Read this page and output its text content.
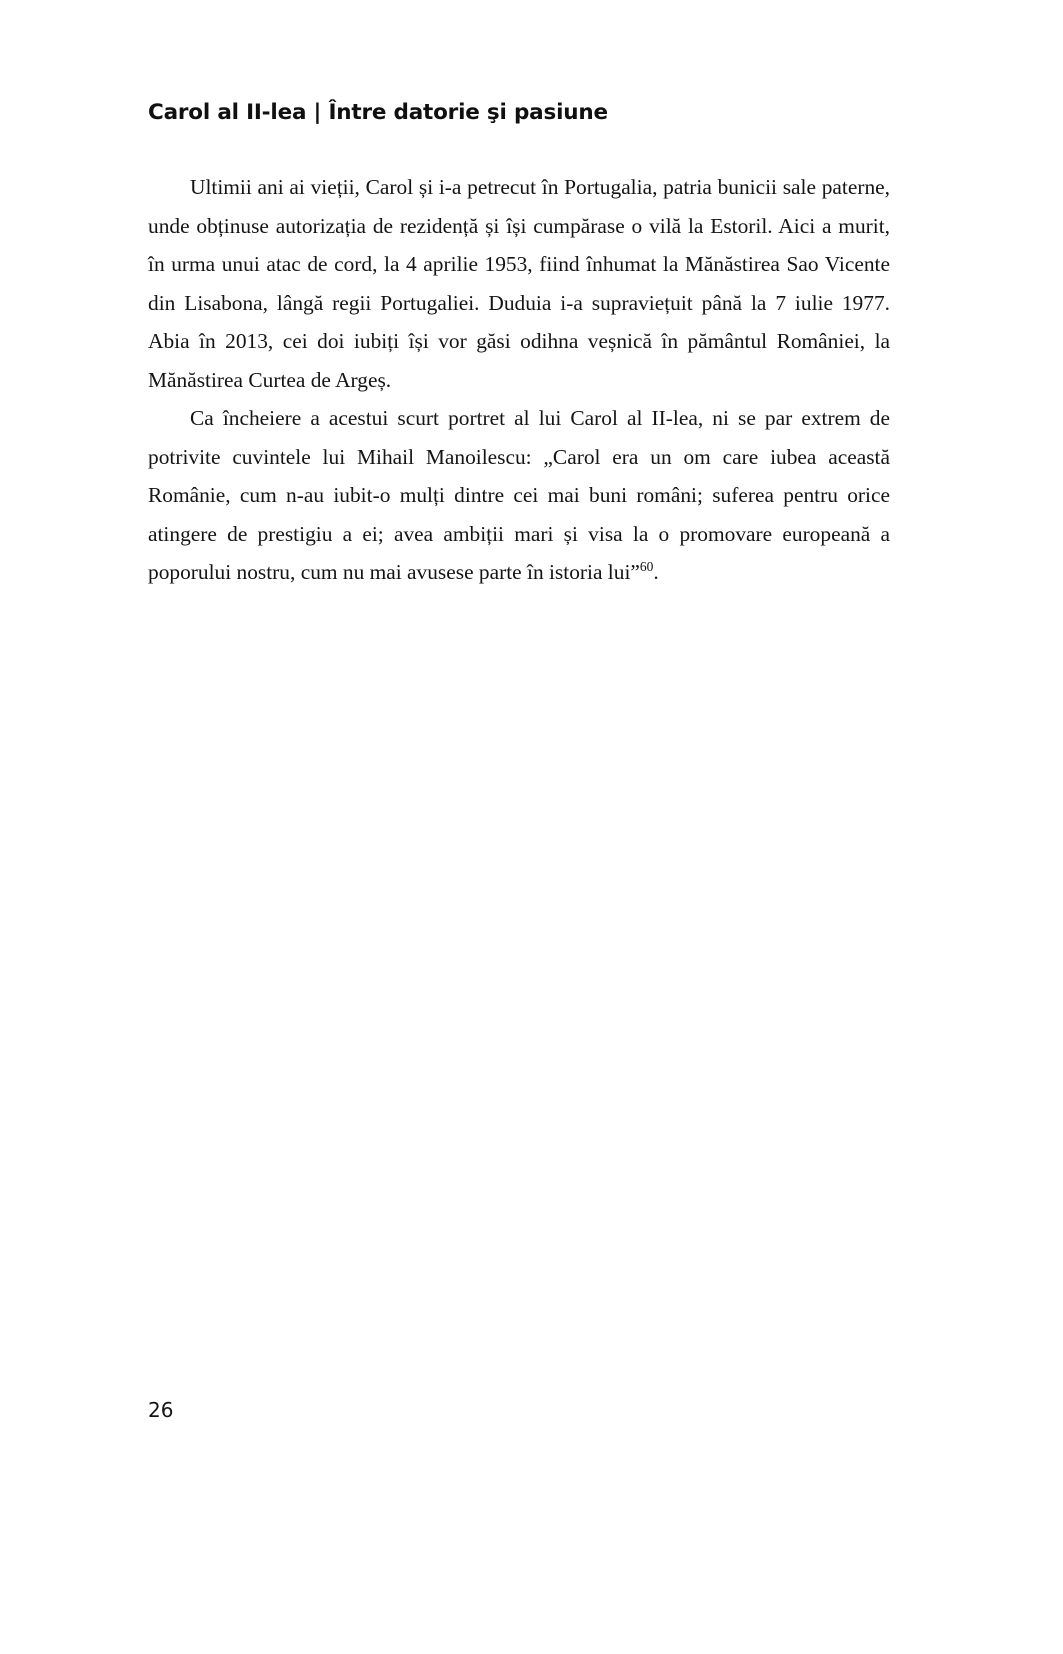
Carol al II-lea | Între datorie şi pasiune

Ultimii ani ai vieții, Carol și i-a petrecut în Portugalia, patria bunicii sale paterne, unde obținuse autorizația de rezidență și își cumpărase o vilă la Estoril. Aici a murit, în urma unui atac de cord, la 4 aprilie 1953, fiind înhumat la Mănăstirea Sao Vicente din Lisabona, lângă regii Portugaliei. Duduia i-a supraviețuit până la 7 iulie 1977. Abia în 2013, cei doi iubiți își vor găsi odihna veșnică în pământul României, la Mănăstirea Curtea de Argeș.

Ca încheiere a acestui scurt portret al lui Carol al II-lea, ni se par extrem de potrivite cuvintele lui Mihail Manoilescu: „Carol era un om care iubea această Românie, cum n-au iubit-o mulți dintre cei mai buni români; suferea pentru orice atingere de prestigiu a ei; avea ambiții mari și visa la o promovare europeană a poporului nostru, cum nu mai avusese parte în istoria lui”$^{60}$.

26
